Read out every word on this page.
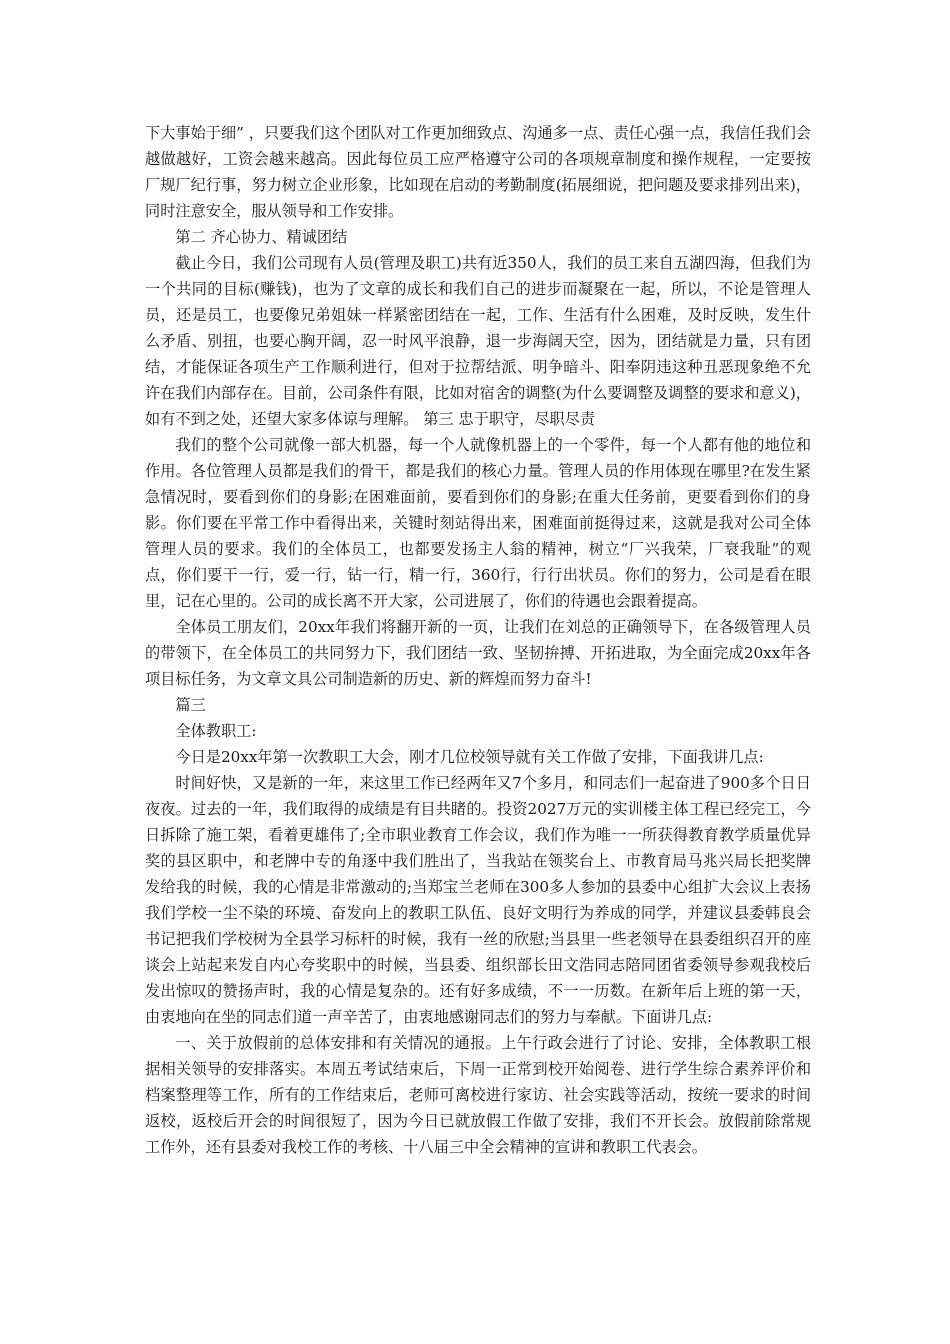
下大事始于细” ，只要我们这个团队对工作更加细致点、沟通多一点、责任心强一点，我信任我们会越做越好，工资会越来越高。因此每位员工应严格遵守公司的各项规章制度和操作规程，一定要按厂规厂纪行事，努力树立企业形象，比如现在启动的考勤制度(拓展细说，把问题及要求排列出来)，同时注意安全，服从领导和工作安排。

第二 齐心协力、精诚团结

截止今日，我们公司现有人员(管理及职工)共有近350人，我们的员工来自五湖四海，但我们为一个共同的目标(赚钱)，也为了文章的成长和我们自己的进步而凝聚在一起，所以，不论是管理人员，还是员工，也要像兄弟姐妹一样紧密团结在一起，工作、生活有什么困难，及时反映，发生什么矛盾、别扭，也要心胸开阔，忍一时风平浪静，退一步海阔天空，因为，团结就是力量，只有团结，才能保证各项生产工作顺利进行，但对于拉帮结派、明争暗斗、阳奉阴违这种丑恶现象绝不允许在我们内部存在。目前，公司条件有限，比如对宿舍的调整(为什么要调整及调整的要求和意义)，如有不到之处，还望大家多体谅与理解。 第三 忠于职守，尽职尽责

我们的整个公司就像一部大机器，每一个人就像机器上的一个零件，每一个人都有他的地位和作用。各位管理人员都是我们的骨干，都是我们的核心力量。管理人员的作用体现在哪里?在发生紧急情况时，要看到你们的身影;在困难面前，要看到你们的身影;在重大任务前，更要看到你们的身影。你们要在平常工作中看得出来，关键时刻站得出来，困难面前挺得过来，这就是我对公司全体管理人员的要求。我们的全体员工，也都要发扬主人翁的精神，树立“厂兴我荣，厂衰我耻”的观点，你们要干一行，爱一行，钻一行，精一行，360行，行行出状员。你们的努力，公司是看在眼里，记在心里的。公司的成长离不开大家，公司进展了，你们的待遇也会跟着提高。

全体员工朋友们，20xx年我们将翻开新的一页，让我们在刘总的正确领导下，在各级管理人员的带领下，在全体员工的共同努力下，我们团结一致、坚韧拚搏、开拓进取，为全面完成20xx年各项目标任务，为文章文具公司制造新的历史、新的辉煌而努力奋斗!

篇三

全体教职工:

今日是20xx年第一次教职工大会，刚才几位校领导就有关工作做了安排，下面我讲几点:

时间好快，又是新的一年，来这里工作已经两年又7个多月，和同志们一起奋进了900多个日日夜夜。过去的一年，我们取得的成绩是有目共睹的。投资2027万元的实训楼主体工程已经完工，今日拆除了施工架，看着更雄伟了;全市职业教育工作会议，我们作为唯一一所获得教育教学质量优异奖的县区职中，和老牌中专的角逐中我们胜出了，当我站在领奖台上、市教育局马兆兴局长把奖牌发给我的时候，我的心情是非常激动的;当郑宝兰老师在300多人参加的县委中心组扩大会议上表扬我们学校一尘不染的环境、奋发向上的教职工队伍、良好文明行为养成的同学，并建议县委韩良会书记把我们学校树为全县学习标杆的时候，我有一丝的欣慰;当县里一些老领导在县委组织召开的座谈会上站起来发自内心夸奖职中的时候，当县委、组织部长田文浩同志陪同团省委领导参观我校后发出惊叹的赞扬声时，我的心情是复杂的。还有好多成绩，不一一历数。在新年后上班的第一天，由衷地向在坐的同志们道一声辛苦了，由衷地感谢同志们的努力与奉献。下面讲几点:

一、关于放假前的总体安排和有关情况的通报。上午行政会进行了讨论、安排，全体教职工根据相关领导的安排落实。本周五考试结束后，下周一正常到校开始阅卷、进行学生综合素养评价和档案整理等工作，所有的工作结束后，老师可离校进行家访、社会实践等活动，按统一要求的时间返校，返校后开会的时间很短了，因为今日已就放假工作做了安排，我们不开长会。放假前除常规工作外，还有县委对我校工作的考核、十八届三中全会精神的宣讲和教职工代表会。
